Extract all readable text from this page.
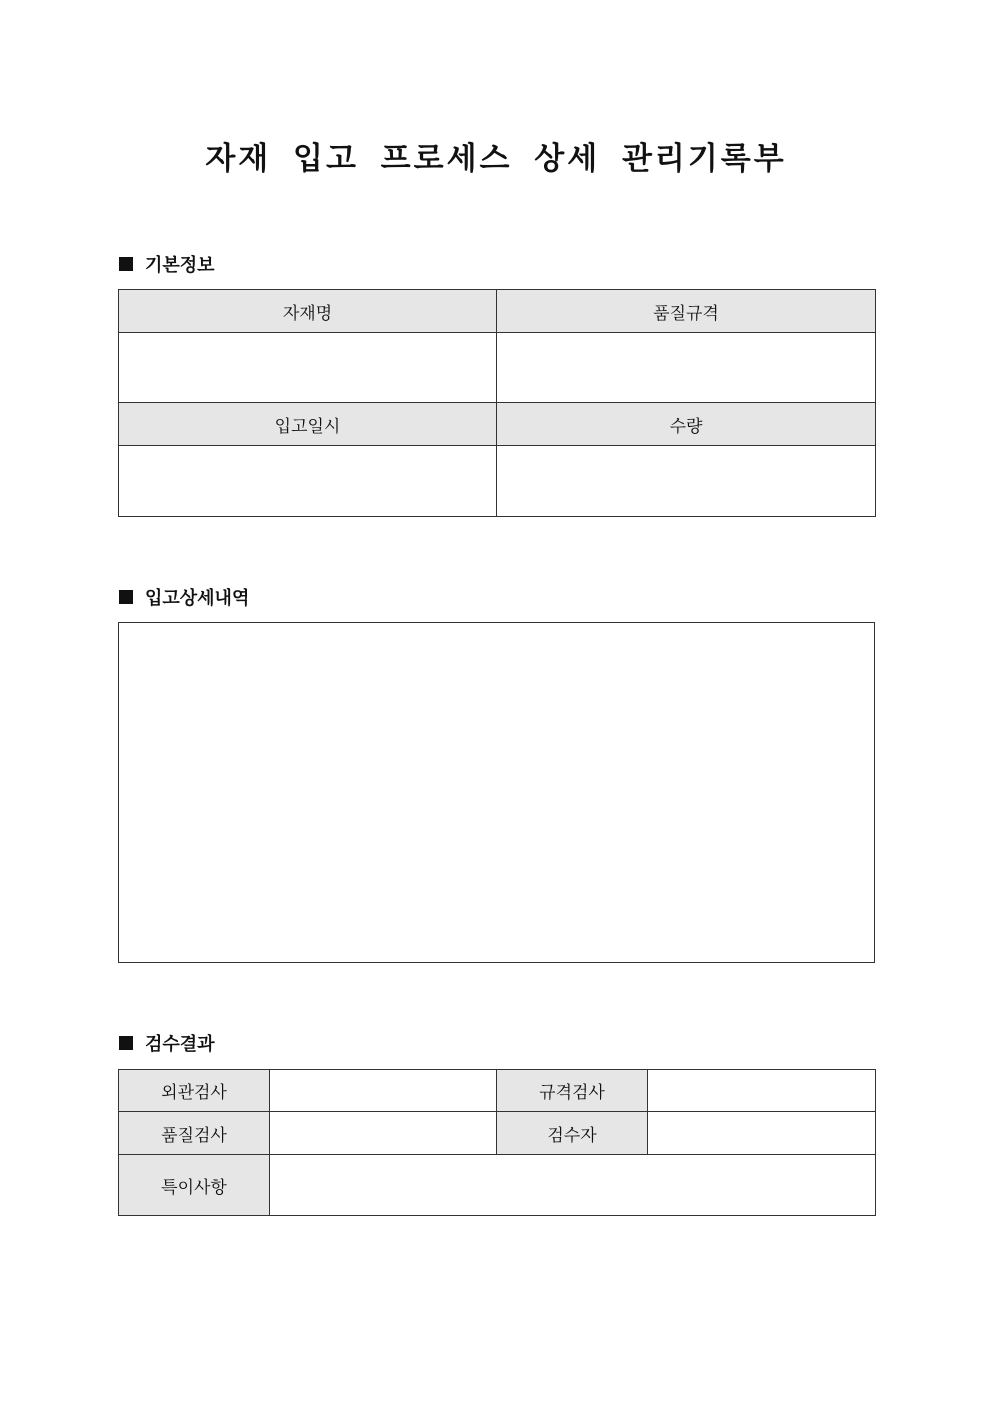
자재 입고 프로세스 상세 관리기록부
기본정보
자재명	품질규격

입고일시	수량

입고상세내역
검수결과
외관검사		규격검사	
품질검사		검수자	
특이사항			
